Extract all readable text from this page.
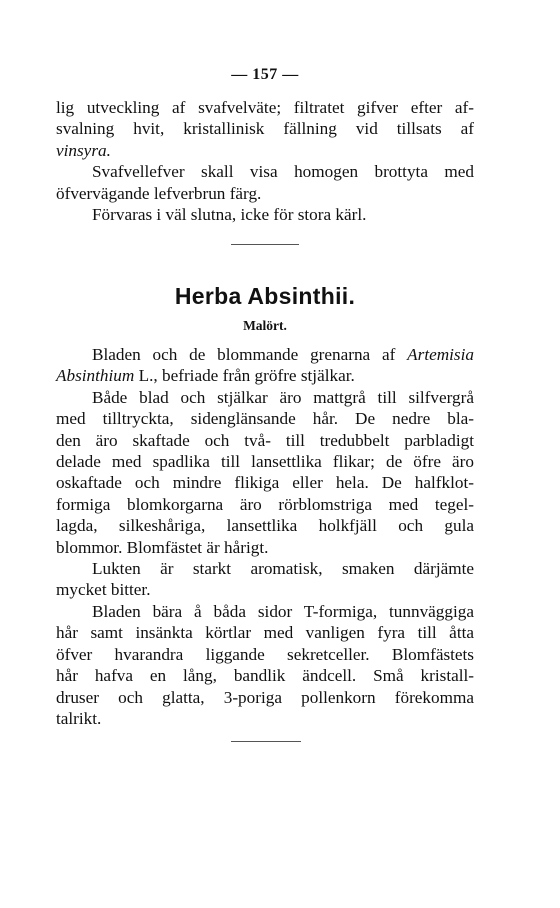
— 157 —
lig utveckling af svafvelväte; filtratet gifver efter af-
svalning hvit, kristallinisk fällning vid tillsats af
vinsyra.
Svafvellefver skall visa homogen brottyta med
öfvervägande lefverbrun färg.
Förvaras i väl slutna, icke för stora kärl.
Herba Absinthii.
Malört.
Bladen och de blommande grenarna af Artemisia
Absinthium L., befriade från gröfre stjälkar.
Både blad och stjälkar äro mattgrå till silfvergrå
med tilltryckta, sidenglänsande hår. De nedre bla-
den äro skaftade och två- till tredubbelt parbladigt
delade med spadlika till lansettlika flikar; de öfre äro
oskaftade och mindre flikiga eller hela. De halfklot-
formiga blomkorgarna äro rörblomstriga med tegel-
lagda, silkeshåriga, lansettlika holkfjäll och gula
blommor. Blomfästet är hårigt.
Lukten är starkt aromatisk, smaken därjämte
mycket bitter.
Bladen bära å båda sidor T-formiga, tunnväggiga
hår samt insänkta körtlar med vanligen fyra till åtta
öfver hvarandra liggande sekretceller. Blomfästets
hår hafva en lång, bandlik ändcell. Små kristall-
druser och glatta, 3-poriga pollenkorn förekomma
talrikt.
